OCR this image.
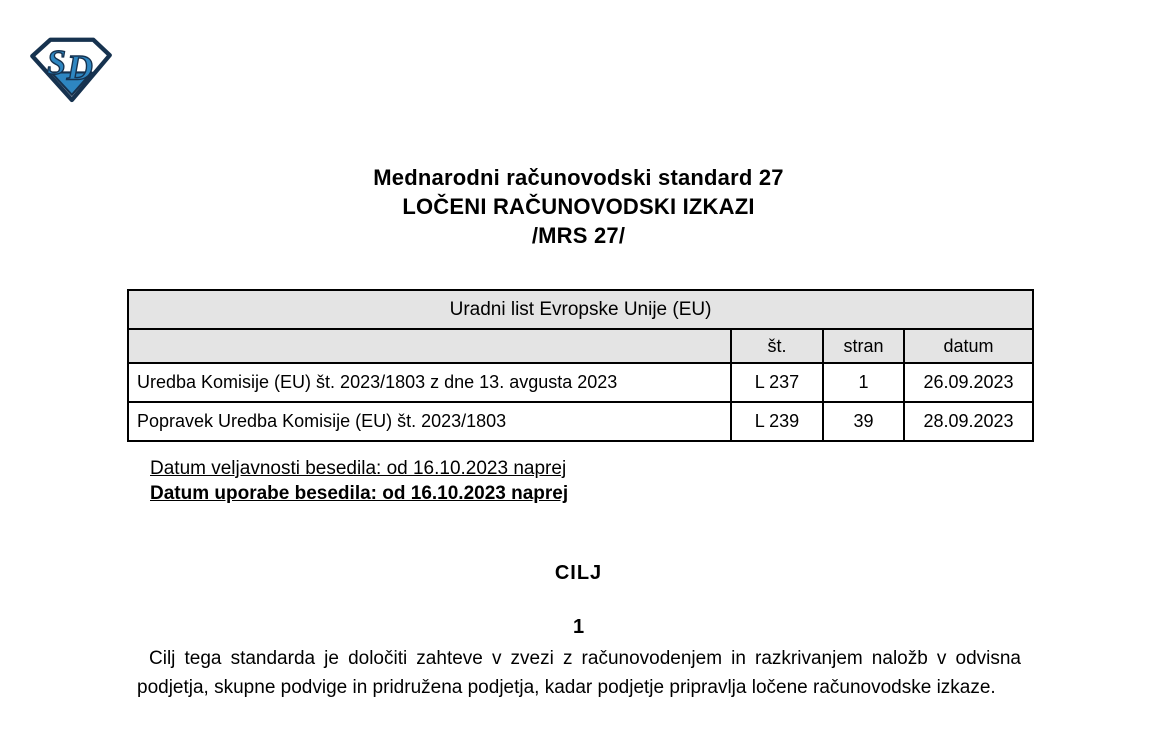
S D
Mednarodni računovodski standard 27
LOČENI RAČUNOVODSKI IZKAZI
/MRS 27/
Uradni list Evropske Unije (EU)			
	št.	stran	datum
Uredba Komisije (EU) št. 2023/1803 z dne 13. avgusta 2023	L 237	1	26.09.2023
Popravek Uredba Komisije (EU) št. 2023/1803	L 239	39	28.09.2023
Datum veljavnosti besedila: od 16.10.2023 naprej
Datum uporabe besedila: od 16.10.2023 naprej
CILJ
1

Cilj tega standarda je določiti zahteve v zvezi z računovodenjem in razkrivanjem naložb v odvisna podjetja, skupne podvige in pridružena podjetja, kadar podjetje pripravlja ločene računovodske izkaze.
